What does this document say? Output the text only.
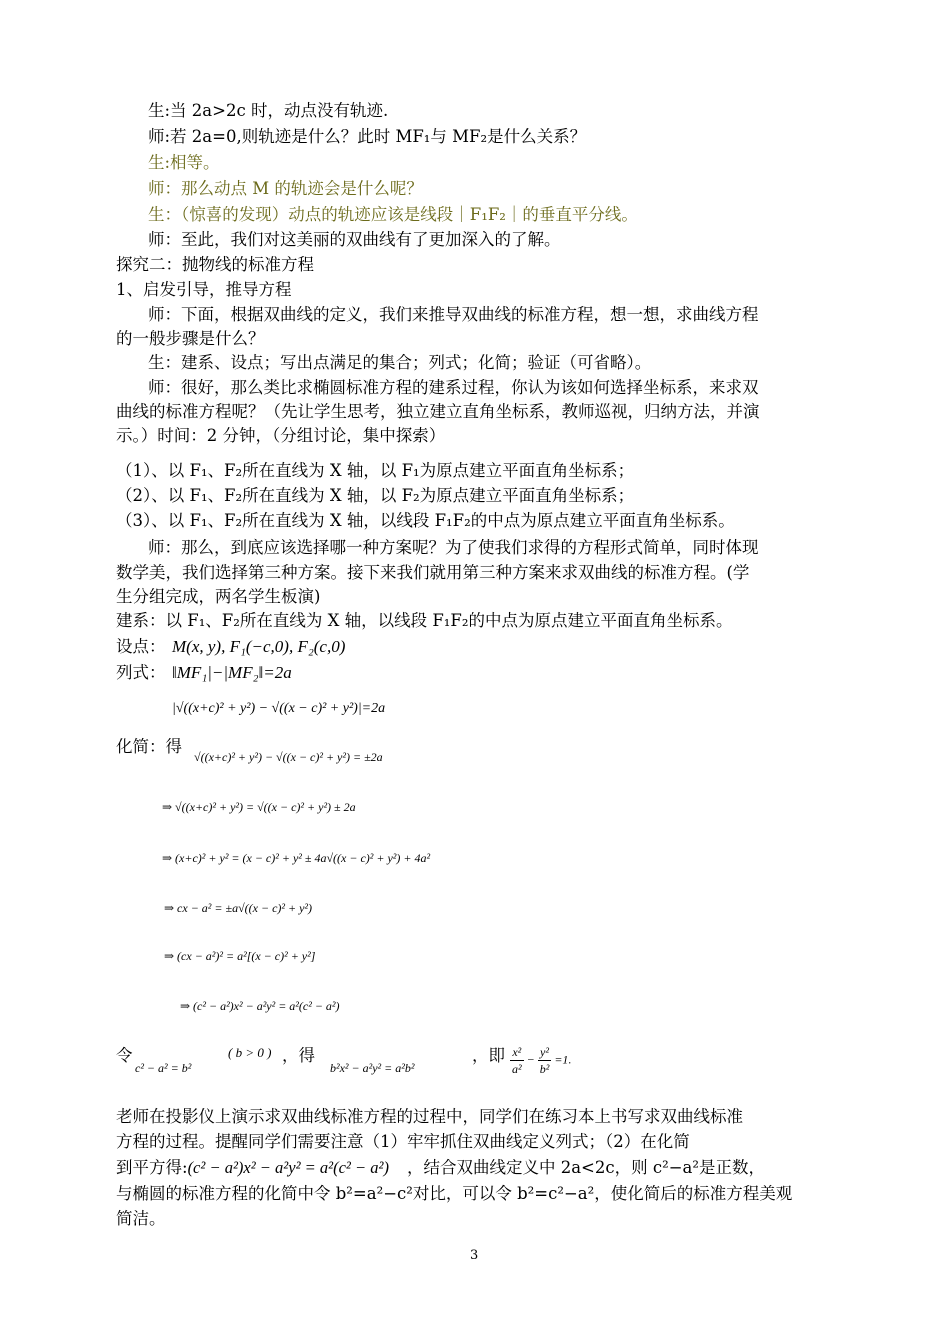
生:当 2a>2c 时，动点没有轨迹.
师:若 2a=0,则轨迹是什么？此时 MF₁与 MF₂是什么关系？
生:相等。
师：那么动点 M 的轨迹会是什么呢？
生：（惊喜的发现）动点的轨迹应该是线段｜F₁F₂｜的垂直平分线。
师：至此，我们对这美丽的双曲线有了更加深入的了解。
探究二：抛物线的标准方程
1、启发引导，推导方程
师：下面，根据双曲线的定义，我们来推导双曲线的标准方程，想一想，求曲线方程
的一般步骤是什么？
生：建系、设点；写出点满足的集合；列式；化简；验证（可省略）。
师：很好，那么类比求椭圆标准方程的建系过程，你认为该如何选择坐标系，来求双
曲线的标准方程呢？（先让学生思考，独立建立直角坐标系，教师巡视，归纳方法，并演
示。）时间：2 分钟，（分组讨论，集中探索）
（1）、以 F₁、F₂所在直线为 X 轴，以 F₁为原点建立平面直角坐标系；
（2）、以 F₁、F₂所在直线为 X 轴，以 F₂为原点建立平面直角坐标系；
（3）、以 F₁、F₂所在直线为 X 轴，以线段 F₁F₂的中点为原点建立平面直角坐标系。
师：那么，到底应该选择哪一种方案呢？为了使我们求得的方程形式简单，同时体现
数学美，我们选择第三种方案。接下来我们就用第三种方案来求双曲线的标准方程。(学
生分组完成，两名学生板演)
建系：以 F₁、F₂所在直线为 X 轴，以线段 F₁F₂的中点为原点建立平面直角坐标系。
设点： M(x, y), F₁(−c,0), F₂(c,0)
列式： ‖MF₁|−|MF₂‖=2a
|√((x+c)² + y²) − √((x − c)² + y²)|=2a
化简：得
√((x+c)² + y²) − √((x − c)² + y²) = ±2a
⇒ √((x+c)² + y²) = √((x − c)² + y²) ± 2a
⇒ (x+c)² + y² = (x − c)² + y² ± 4a√((x − c)² + y²) + 4a²
⇒ cx − a² = ±a√((x − c)² + y²)
⇒ (cx − a²)² = a²[(x − c)² + y²]
⇒ (c² − a²)x² − a²y² = a²(c² − a²)
令
c² − a² = b²
( b > 0 ) ，得
b²x² − a²y² = a²b²
，即 $\frac{\text{x²}}{\text{a²}} - \frac{\text{y²}}{\text{b²}} =1$.
老师在投影仪上演示求双曲线标准方程的过程中，同学们在练习本上书写求双曲线标准
方程的过程。提醒同学们需要注意（1）牢牢抓住双曲线定义列式；（2）在化简
到平方得:(c² − a²)x² − a²y² = a²(c² − a²) ，结合双曲线定义中 2a<2c，则 c²−a²是正数，
与椭圆的标准方程的化简中令 b²=a²−c²对比，可以令 b²=c²−a²，使化简后的标准方程美观
简洁。
3
